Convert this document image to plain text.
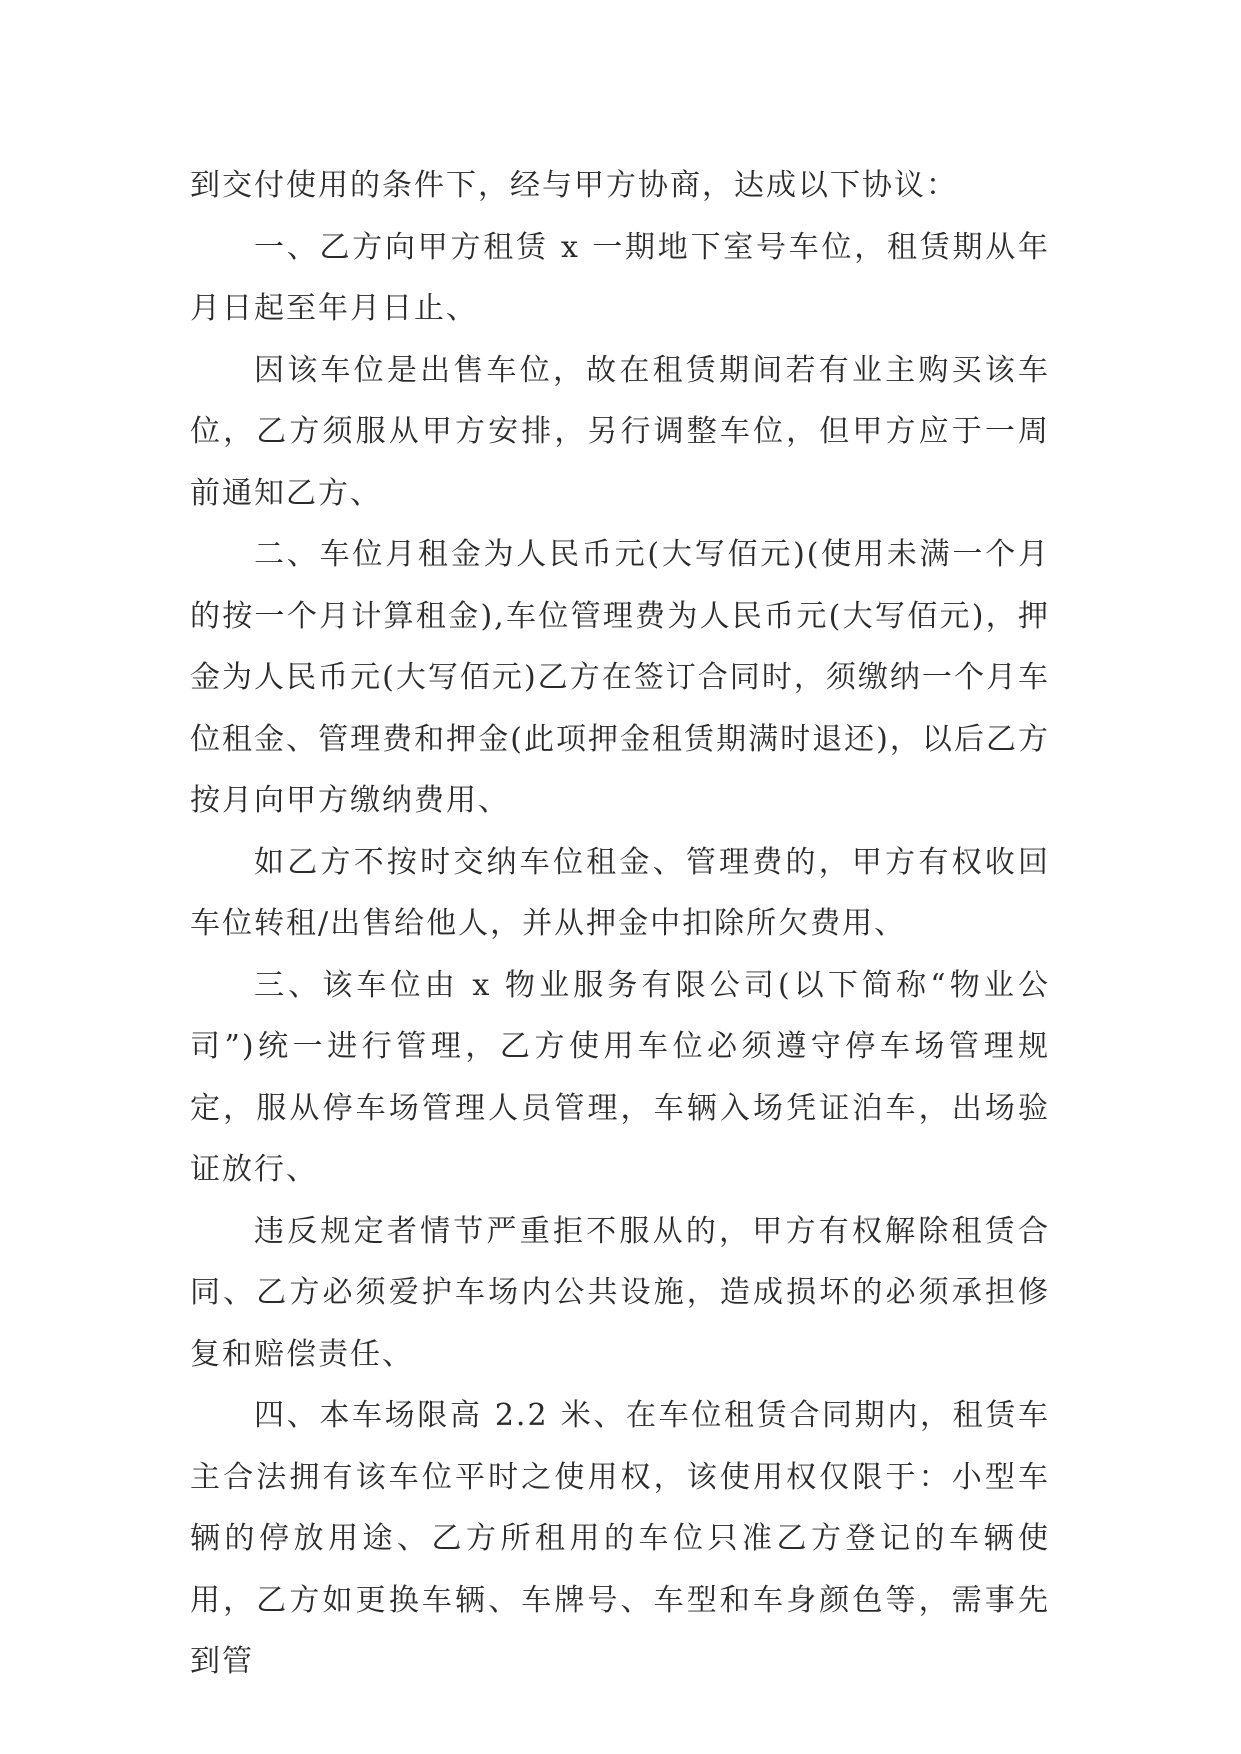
到交付使用的条件下，经与甲方协商，达成以下协议：

一、乙方向甲方租赁 x 一期地下室号车位，租赁期从年月日起至年月日止、

因该车位是出售车位，故在租赁期间若有业主购买该车位，乙方须服从甲方安排，另行调整车位，但甲方应于一周前通知乙方、

二、车位月租金为人民币元(大写佰元)(使用未满一个月的按一个月计算租金),车位管理费为人民币元(大写佰元)，押金为人民币元(大写佰元)乙方在签订合同时，须缴纳一个月车位租金、管理费和押金(此项押金租赁期满时退还)，以后乙方按月向甲方缴纳费用、

如乙方不按时交纳车位租金、管理费的，甲方有权收回车位转租/出售给他人，并从押金中扣除所欠费用、

三、该车位由 x 物业服务有限公司(以下简称“物业公司”)统一进行管理，乙方使用车位必须遵守停车场管理规定，服从停车场管理人员管理，车辆入场凭证泊车，出场验证放行、

违反规定者情节严重拒不服从的，甲方有权解除租赁合同、乙方必须爱护车场内公共设施，造成损坏的必须承担修复和赔偿责任、

四、本车场限高 2.2 米、在车位租赁合同期内，租赁车主合法拥有该车位平时之使用权，该使用权仅限于：小型车辆的停放用途、乙方所租用的车位只准乙方登记的车辆使用，乙方如更换车辆、车牌号、车型和车身颜色等，需事先到管
